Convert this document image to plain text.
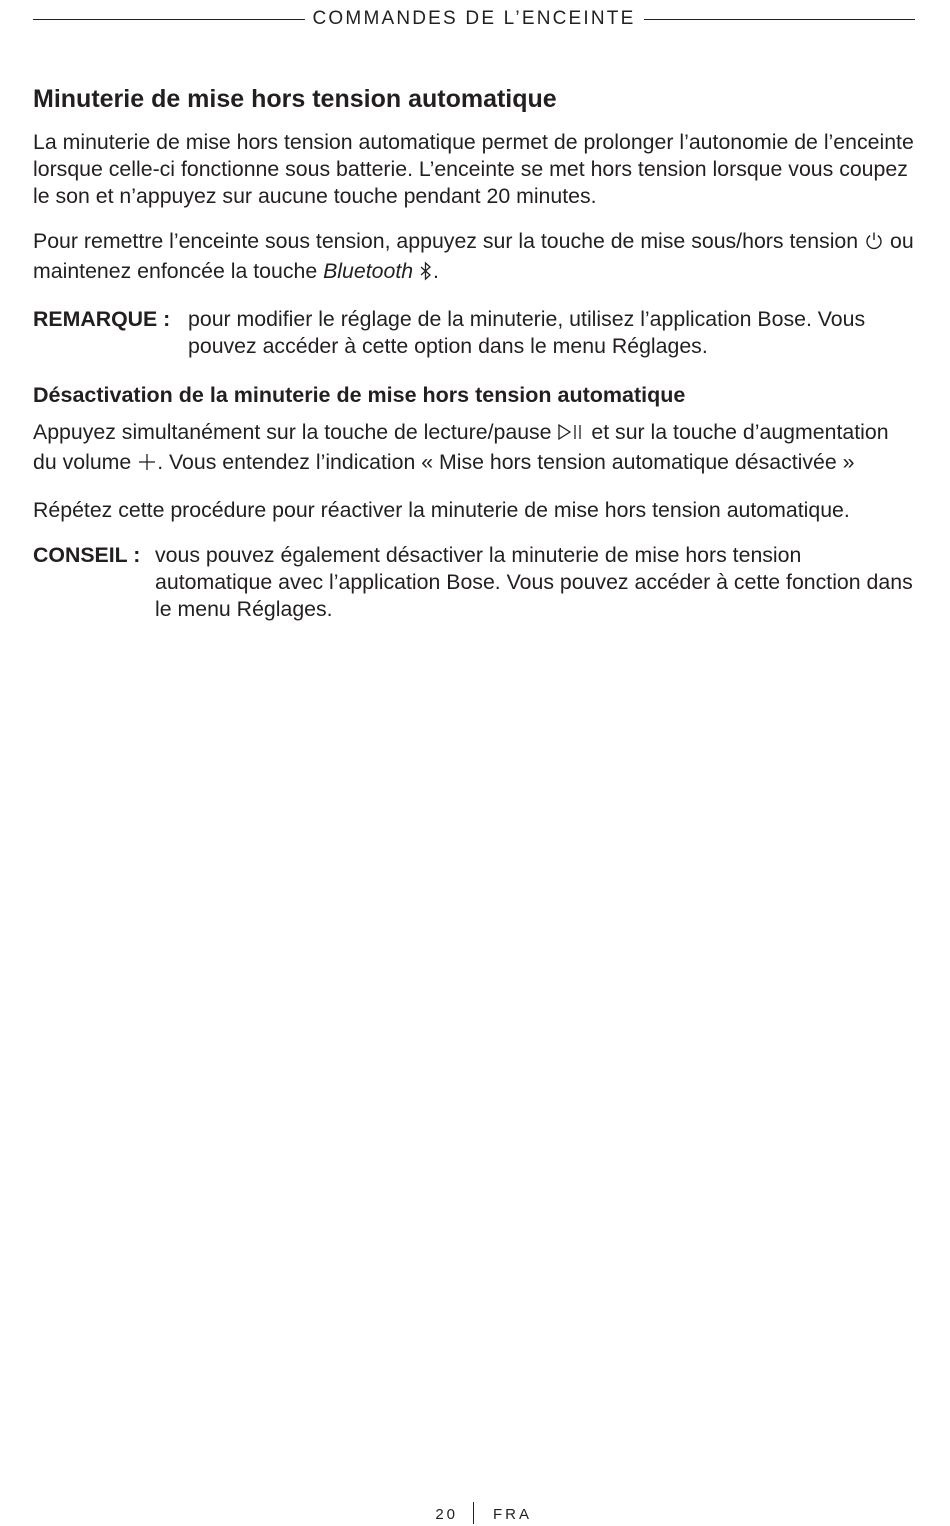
COMMANDES DE L’ENCEINTE
Minuterie de mise hors tension automatique

La minuterie de mise hors tension automatique permet de prolonger l’autonomie de l’enceinte lorsque celle-ci fonctionne sous batterie. L’enceinte se met hors tension lorsque vous coupez le son et n’appuyez sur aucune touche pendant 20 minutes.

Pour remettre l’enceinte sous tension, appuyez sur la touche de mise sous/hors tension ou maintenez enfoncée la touche Bluetooth .

REMARQUE : pour modifier le réglage de la minuterie, utilisez l’application Bose. Vous pouvez accéder à cette option dans le menu Réglages.
Désactivation de la minuterie de mise hors tension automatique

Appuyez simultanément sur la touche de lecture/pause et sur la touche d’augmentation du volume . Vous entendez l’indication « Mise hors tension automatique désactivée »

Répétez cette procédure pour réactiver la minuterie de mise hors tension automatique.

CONSEIL : vous pouvez également désactiver la minuterie de mise hors tension automatique avec l’application Bose. Vous pouvez accéder à cette fonction dans le menu Réglages.
20 FRA
